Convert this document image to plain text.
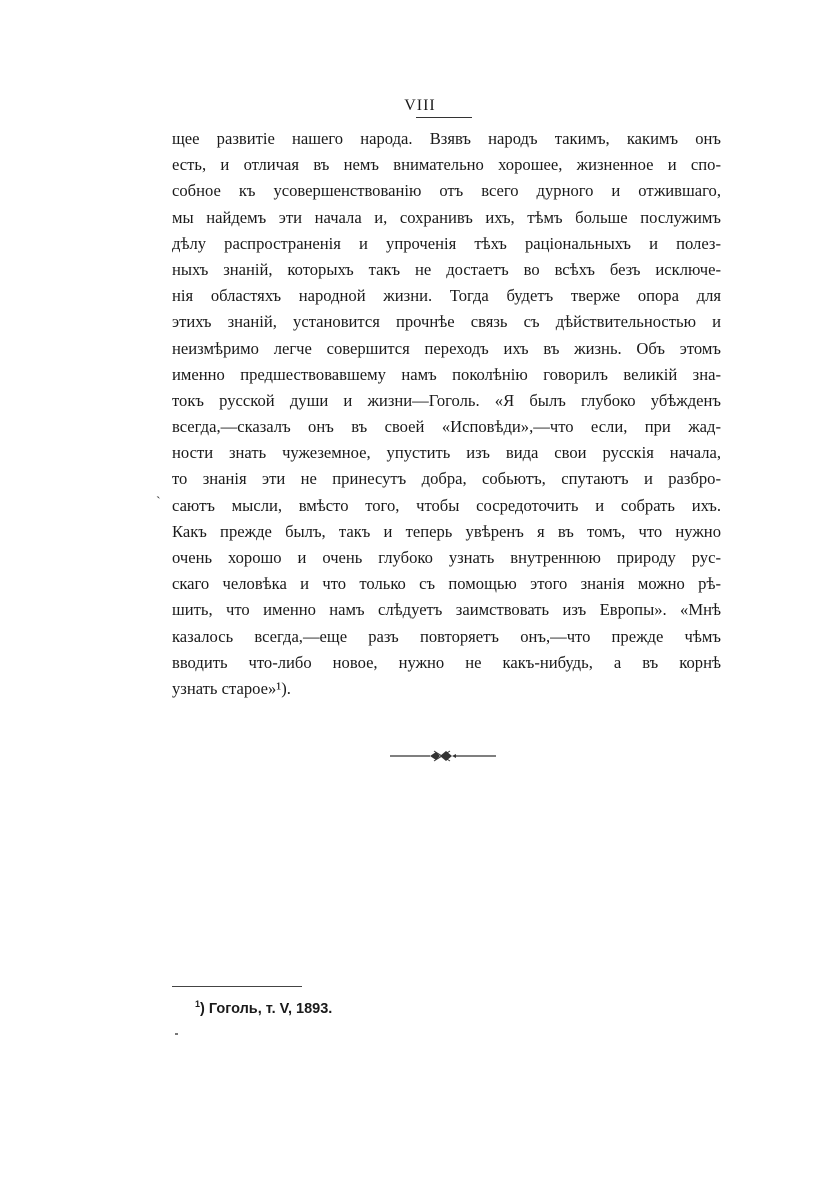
VIII
щее развитіе нашего народа. Взявъ народъ такимъ, какимъ онъ
есть, и отличая въ немъ внимательно хорошее, жизненное и спо-
собное къ усовершенствованію отъ всего дурного и отжившаго,
мы найдемъ эти начала и, сохранивъ ихъ, тѣмъ больше послужимъ
дѣлу распространенія и упроченія тѣхъ раціональныхъ и полез-
ныхъ знаній, которыхъ такъ не достаетъ во всѣхъ безъ исключе-
нія областяхъ народной жизни. Тогда будетъ тверже опора для
этихъ знаній, установится прочнѣе связь съ дѣйствительностью и
неизмѣримо легче совершится переходъ ихъ въ жизнь. Объ этомъ
именно предшествовавшему намъ поколѣнію говорилъ великій зна-
токъ русской души и жизни—Гоголь. «Я былъ глубоко убѣжденъ
всегда,—сказалъ онъ въ своей «Исповѣди»,—что если, при жад-
ности знать чужеземное, упустить изъ вида свои русскія начала,
то знанія эти не принесутъ добра, собьютъ, спутаютъ и разбро-
саютъ мысли, вмѣсто того, чтобы сосредоточить и собрать ихъ.
Какъ прежде былъ, такъ и теперь увѣренъ я въ томъ, что нужно
очень хорошо и очень глубоко узнать внутреннюю природу рус-
скаго человѣка и что только съ помощью этого знанія можно рѣ-
шить, что именно намъ слѣдуетъ заимствовать изъ Европы». «Мнѣ
казалось всегда,—еще разъ повторяетъ онъ,—что прежде чѣмъ
вводить что-либо новое, нужно не какъ-нибудь, а въ корнѣ
узнать старое»¹).
ˋ
$^1$) Гоголь, т. V, 1893.
